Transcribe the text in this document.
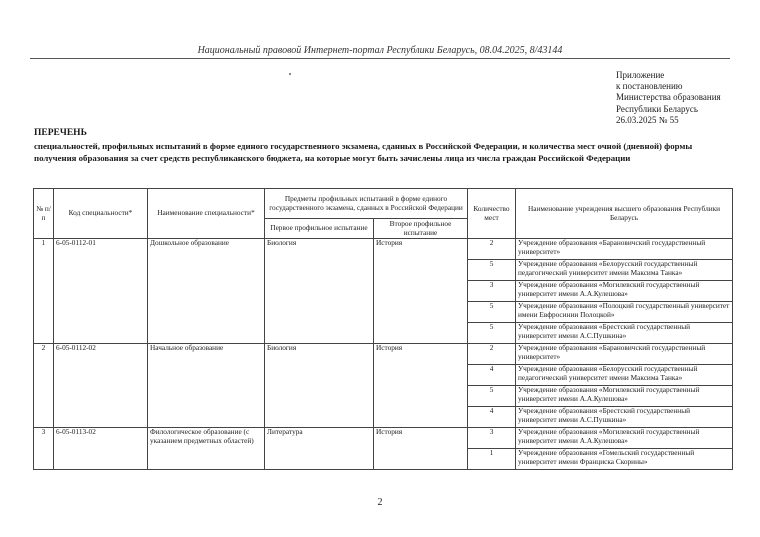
Национальный правовой Интернет-портал Республики Беларусь, 08.04.2025, 8/43144
Приложение
к постановлению
Министерства образования
Республики Беларусь
26.03.2025 № 55
ПЕРЕЧЕНЬ
специальностей, профильных испытаний в форме единого государственного экзамена, сданных в Российской Федерации, и количества мест очной (дневной) формы получения образования за счет средств республиканского бюджета, на которые могут быть зачислены лица из числа граждан Российской Федерации
№ п/п	Код специальности*	Наименование специальности*	Предметы профильных испытаний в форме единого государственного экзамена, сданных в Российской Федерации		Количество мест	Наименование учреждения высшего образования Республики Беларусь
			Первое профильное испытание	Второе профильное испытание		
1	6-05-0112-01	Дошкольное образование	Биология	История	2	Учреждение образования «Барановичский государственный университет»
					5	Учреждение образования «Белорусский государственный педагогический университет имени Максима Танка»
					3	Учреждение образования «Могилевский государственный университет имени А.А.Кулешова»
					5	Учреждение образования «Полоцкий государственный университет имени Евфросинии Полоцкой»
					5	Учреждение образования «Брестский государственный университет имени А.С.Пушкина»
2	6-05-0112-02	Начальное образование	Биология	История	2	Учреждение образования «Барановичский государственный университет»
					4	Учреждение образования «Белорусский государственный педагогический университет имени Максима Танка»
					5	Учреждение образования «Могилевский государственный университет имени А.А.Кулешова»
					4	Учреждение образования «Брестский государственный университет имени А.С.Пушкина»
3	6-05-0113-02	Филологическое образование (с указанием предметных областей)	Литература	История	3	Учреждение образования «Могилевский государственный университет имени А.А.Кулешова»
					1	Учреждение образования «Гомельский государственный университет имени Франциска Скорины»
2
